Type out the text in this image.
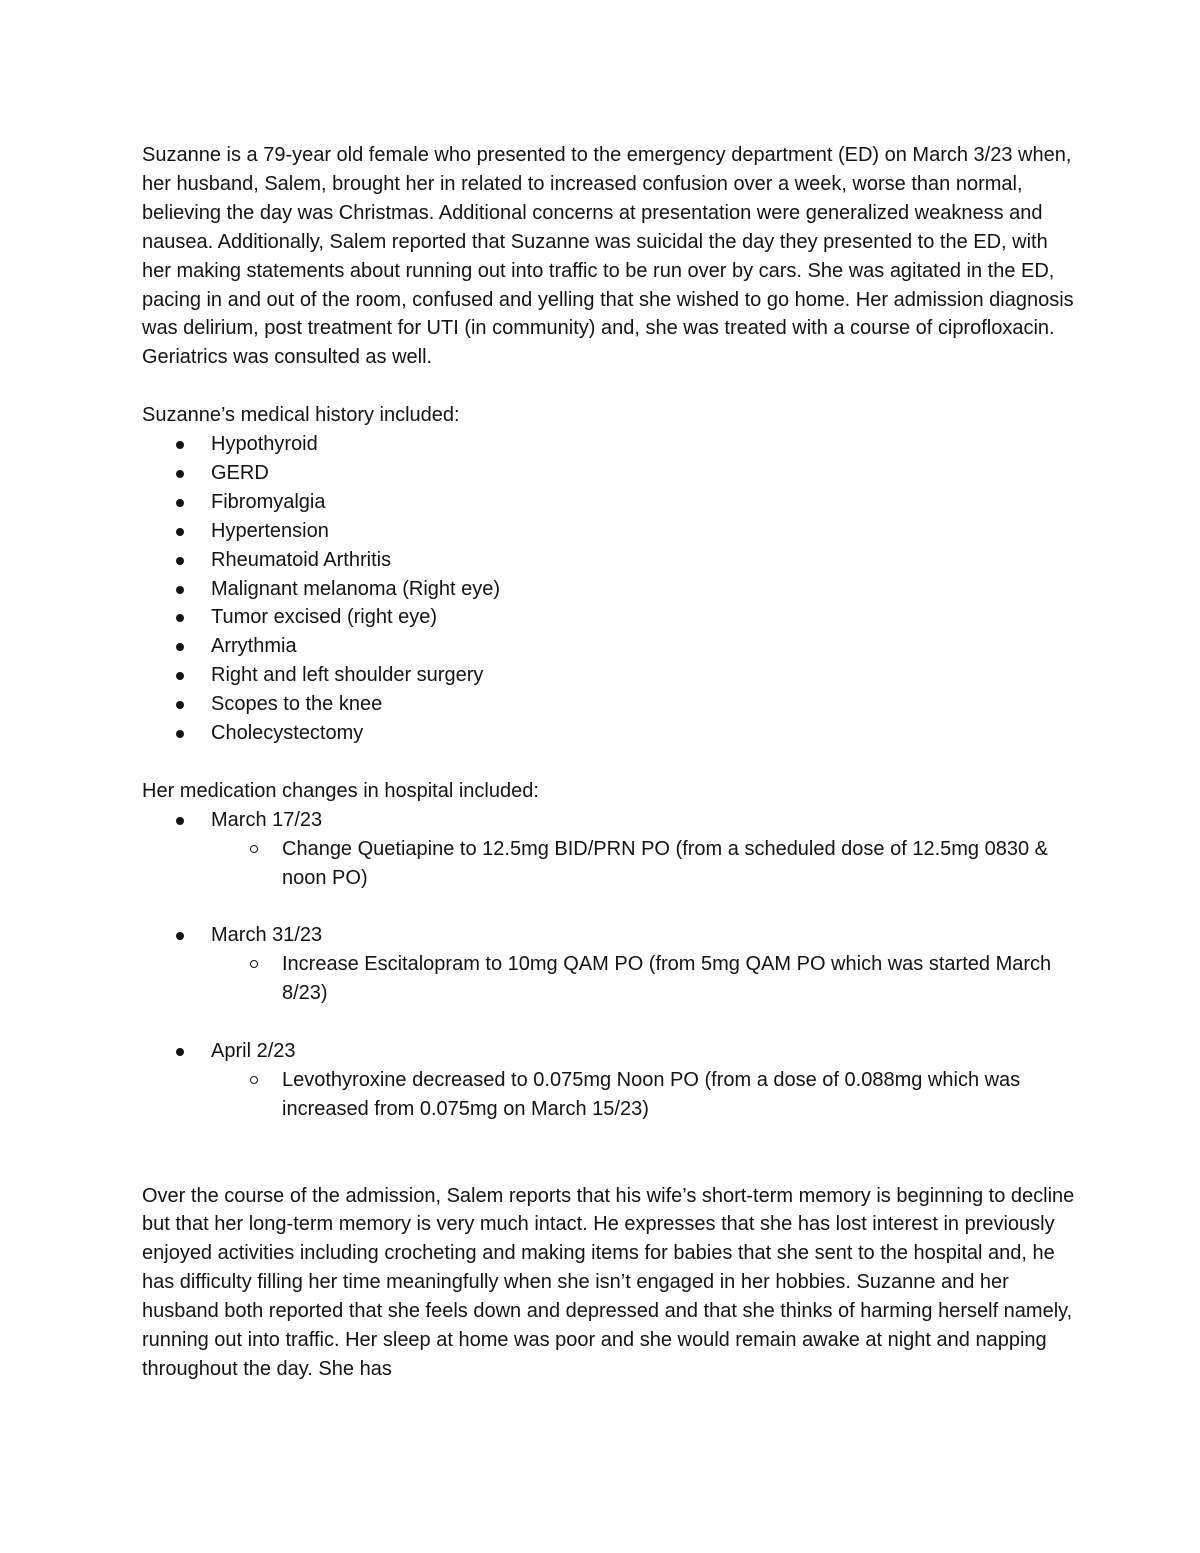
Suzanne is a 79-year old female who presented to the emergency department (ED) on March 3/23 when, her husband, Salem, brought her in related to increased confusion over a week, worse than normal, believing the day was Christmas. Additional concerns at presentation were generalized weakness and nausea. Additionally, Salem reported that Suzanne was suicidal the day they presented to the ED, with her making statements about running out into traffic to be run over by cars. She was agitated in the ED, pacing in and out of the room, confused and yelling that she wished to go home. Her admission diagnosis was delirium, post treatment for UTI (in community) and, she was treated with a course of ciprofloxacin. Geriatrics was consulted as well.

Suzanne’s medical history included:

Hypothyroid
GERD
Fibromyalgia
Hypertension
Rheumatoid Arthritis
Malignant melanoma (Right eye)
Tumor excised (right eye)
Arrythmia
Right and left shoulder surgery
Scopes to the knee
Cholecystectomy

Her medication changes in hospital included:

March 17/23
Change Quetiapine to 12.5mg BID/PRN PO (from a scheduled dose of 12.5mg 0830 & noon PO)
March 31/23
Increase Escitalopram to 10mg QAM PO (from 5mg QAM PO which was started March 8/23)
April 2/23
Levothyroxine decreased to 0.075mg Noon PO (from a dose of 0.088mg which was increased from 0.075mg on March 15/23)

Over the course of the admission, Salem reports that his wife’s short-term memory is beginning to decline but that her long-term memory is very much intact. He expresses that she has lost interest in previously enjoyed activities including crocheting and making items for babies that she sent to the hospital and, he has difficulty filling her time meaningfully when she isn’t engaged in her hobbies. Suzanne and her husband both reported that she feels down and depressed and that she thinks of harming herself namely, running out into traffic. Her sleep at home was poor and she would remain awake at night and napping throughout the day. She has
